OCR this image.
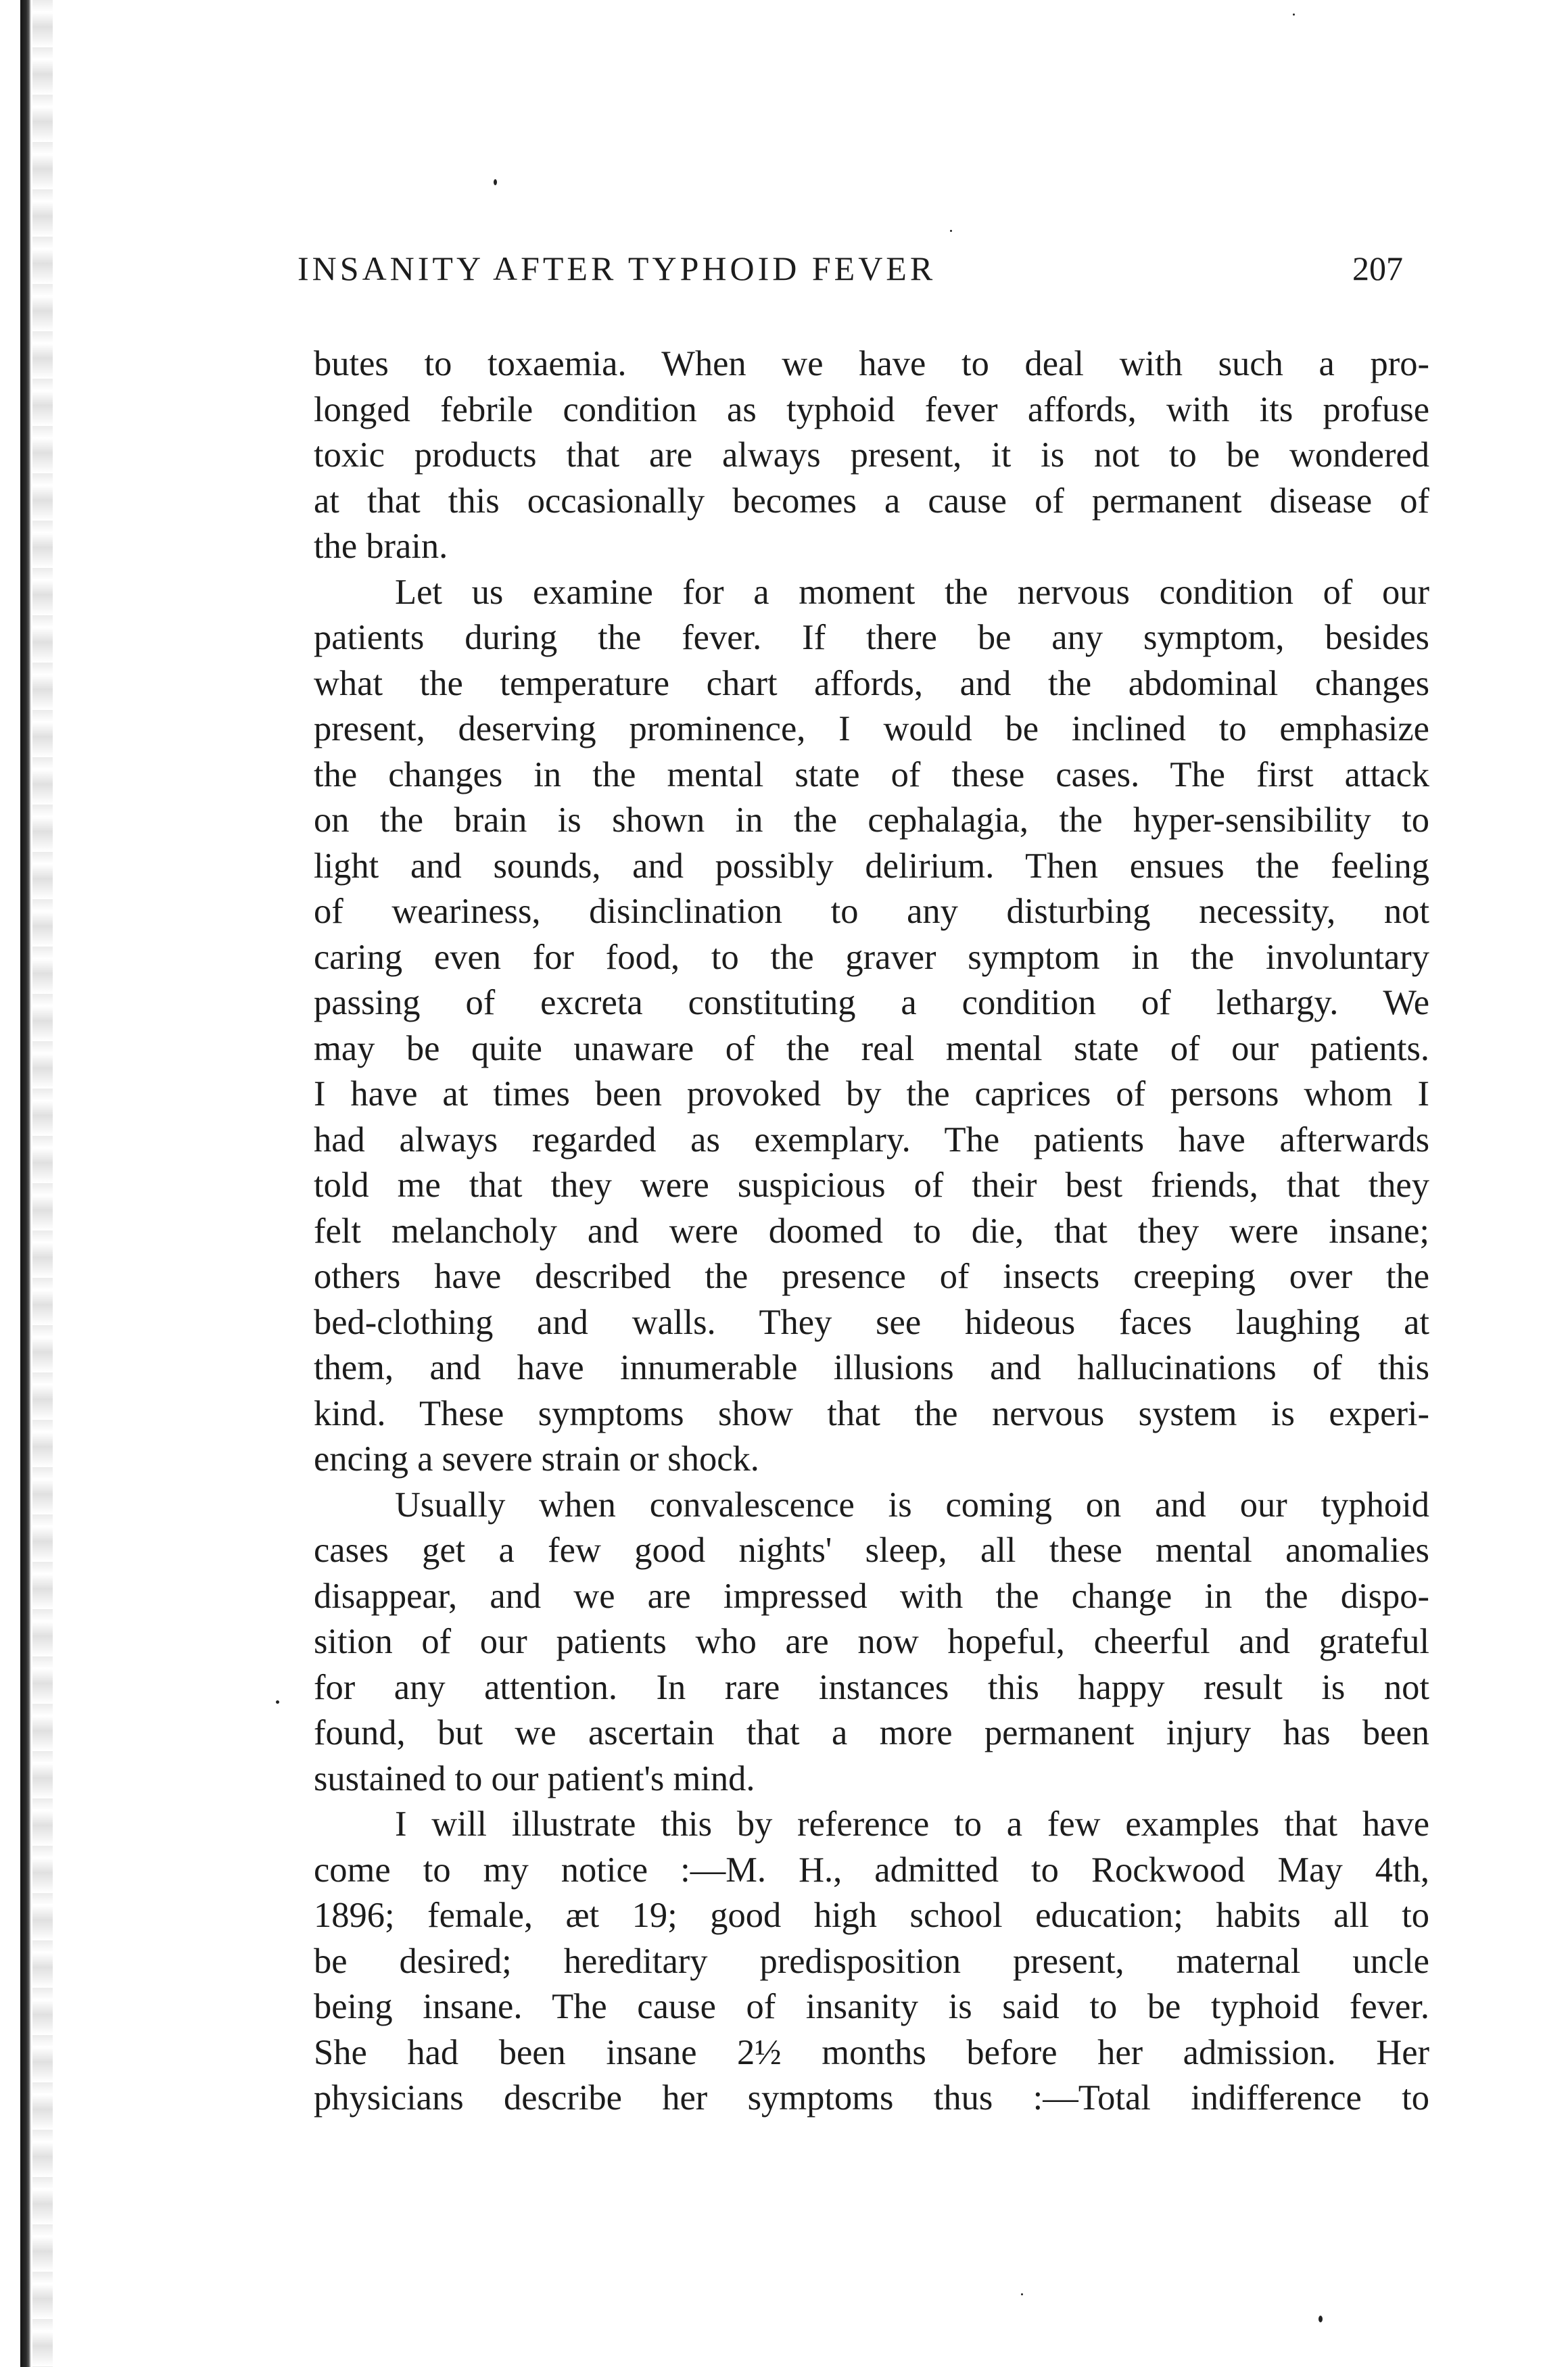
INSANITY AFTER TYPHOID FEVER	207
butes to toxaemia. When we have to deal with such a pro-
longed febrile condition as typhoid fever affords, with its profuse
toxic products that are always present, it is not to be wondered
at that this occasionally becomes a cause of permanent disease of
the brain.
Let us examine for a moment the nervous condition of our
patients during the fever. If there be any symptom, besides
what the temperature chart affords, and the abdominal changes
present, deserving prominence, I would be inclined to emphasize
the changes in the mental state of these cases. The first attack
on the brain is shown in the cephalagia, the hyper-sensibility to
light and sounds, and possibly delirium. Then ensues the feeling
of weariness, disinclination to any disturbing necessity, not
caring even for food, to the graver symptom in the involuntary
passing of excreta constituting a condition of lethargy. We
may be quite unaware of the real mental state of our patients.
I have at times been provoked by the caprices of persons whom I
had always regarded as exemplary. The patients have afterwards
told me that they were suspicious of their best friends, that they
felt melancholy and were doomed to die, that they were insane;
others have described the presence of insects creeping over the
bed-clothing and walls. They see hideous faces laughing at
them, and have innumerable illusions and hallucinations of this
kind. These symptoms show that the nervous system is experi-
encing a severe strain or shock.
Usually when convalescence is coming on and our typhoid
cases get a few good nights' sleep, all these mental anomalies
disappear, and we are impressed with the change in the dispo-
sition of our patients who are now hopeful, cheerful and grateful
for any attention. In rare instances this happy result is not
found, but we ascertain that a more permanent injury has been
sustained to our patient's mind.
I will illustrate this by reference to a few examples that have
come to my notice :—M. H., admitted to Rockwood May 4th,
1896; female, æt 19; good high school education; habits all to
be desired; hereditary predisposition present, maternal uncle
being insane. The cause of insanity is said to be typhoid fever.
She had been insane 2½ months before her admission. Her
physicians describe her symptoms thus :—Total indifference to
